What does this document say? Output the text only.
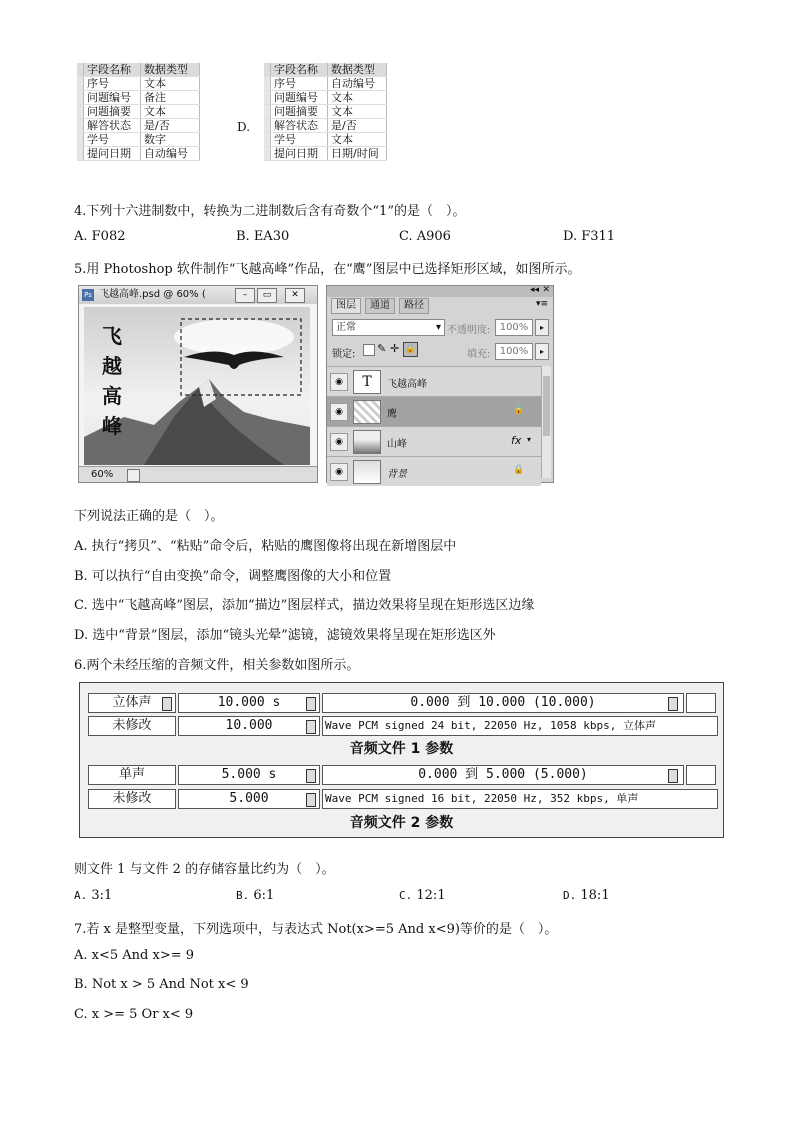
	字段名称	数据类型
	序号	文本
	问题编号	备注
	问题摘要	文本
	解答状态	是/否
	学号	数字
	提问日期	自动编号
D.
	字段名称	数据类型
	序号	自动编号
	问题编号	文本
	问题摘要	文本
	解答状态	是/否
	学号	文本
	提问日期	日期/时间
4.下列十六进制数中，转换为二进制数后含有奇数个“1”的是（　）。
A. F082	B. EA30	C. A906	D. F311
5.用 Photoshop 软件制作“飞越高峰”作品，在“鹰”图层中已选择矩形区域，如图所示。
Ps 飞越高峰.psd @ 60% (	–	▭	✕
飞
越
高
峰
60%
◂◂ ✕
图层	通道	路径	▾≡
正常	▾ 不透明度: 100%	▸
锁定: ✎ ✛ 🔒	填充: 100%	▸
◉	T	飞越高峰
◉	鹰	🔒
◉	山峰	fx ▾
◉	背景	🔒
下列说法正确的是（　）。
A. 执行“拷贝”、“粘贴”命令后，粘贴的鹰图像将出现在新增图层中
B. 可以执行“自由变换”命令，调整鹰图像的大小和位置
C. 选中“飞越高峰”图层，添加“描边”图层样式，描边效果将呈现在矩形选区边缘
D. 选中“背景”图层，添加“镜头光晕”滤镜，滤镜效果将呈现在矩形选区外
6.两个未经压缩的音频文件，相关参数如图所示。
立体声	10.000 s	0.000 到 10.000 (10.000)
未修改	10.000	Wave PCM signed 24 bit, 22050 Hz, 1058 kbps, 立体声
音频文件 1 参数
单声	5.000 s	0.000 到 5.000 (5.000)
未修改	5.000	Wave PCM signed 16 bit, 22050 Hz, 352 kbps, 单声
音频文件 2 参数
则文件 1 与文件 2 的存储容量比约为（　）。
A. 3:1	B. 6:1	C. 12:1	D. 18:1
7.若 x 是整型变量，下列选项中，与表达式 Not(x>=5 And x<9)等价的是（　）。
A. x<5 And x>= 9
B. Not x > 5 And Not x< 9
C. x >= 5 Or x< 9
